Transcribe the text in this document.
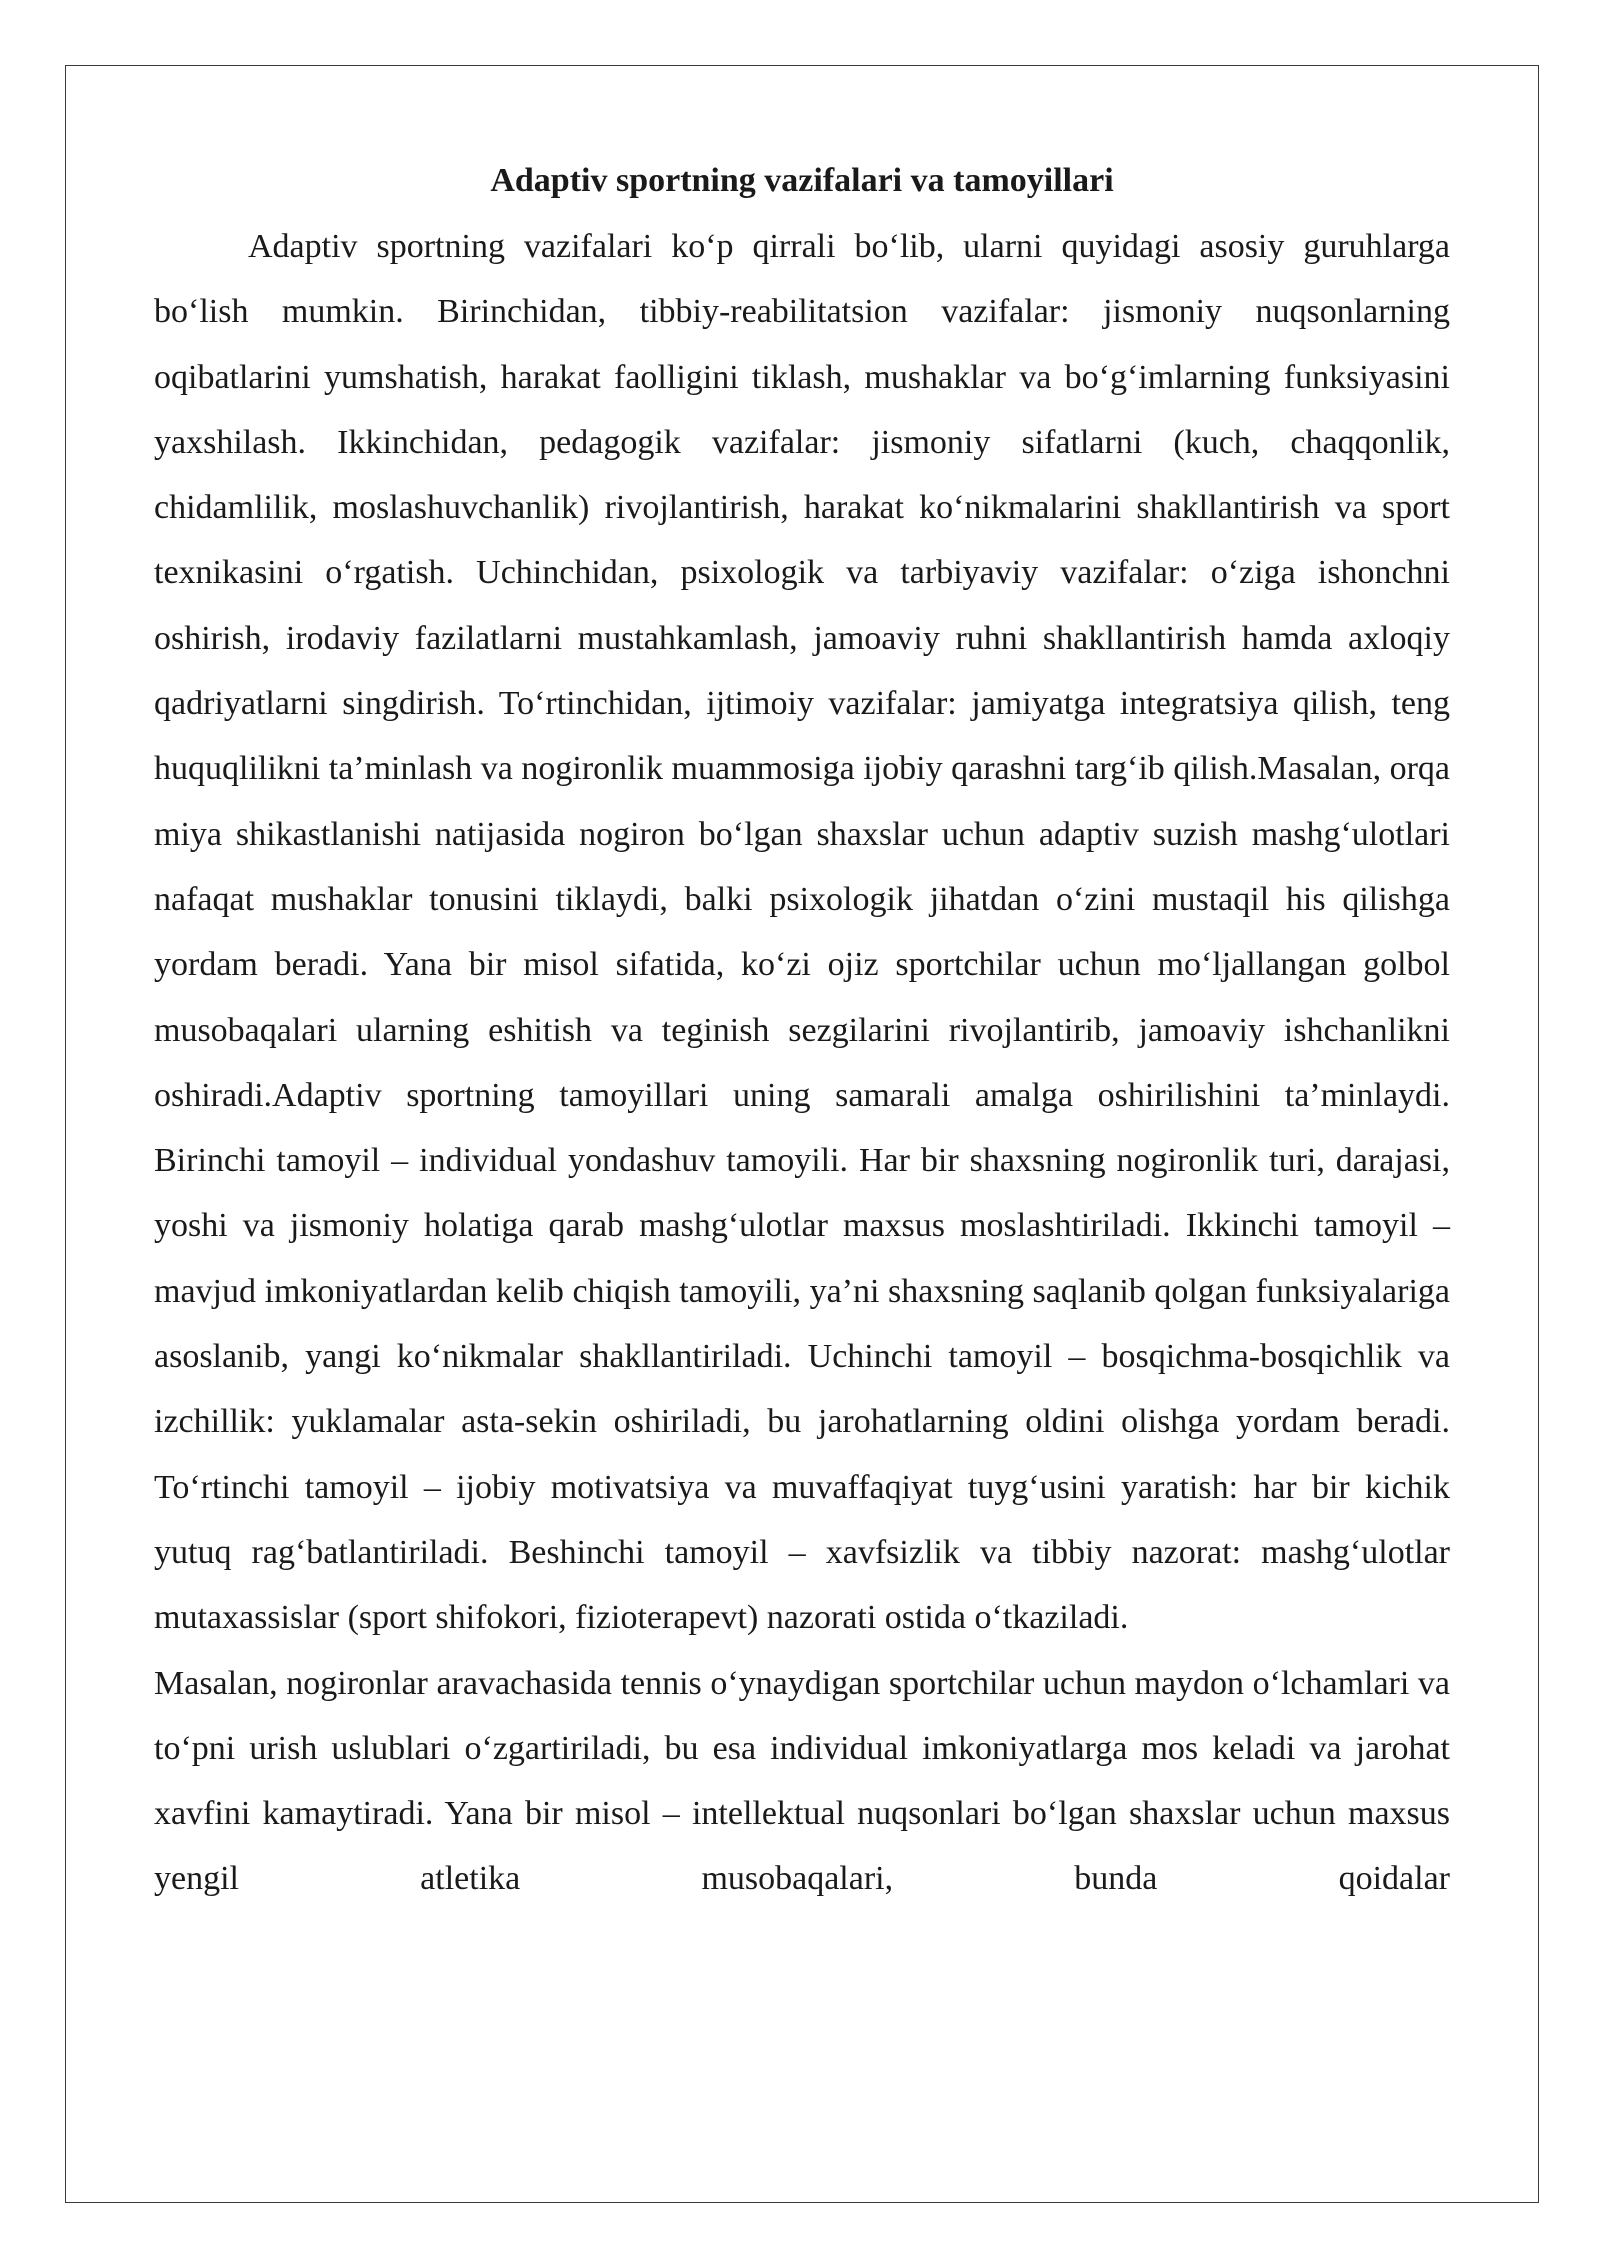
Adaptiv sportning vazifalari va tamoyillari

Adaptiv sportning vazifalari ko‘p qirrali bo‘lib, ularni quyidagi asosiy guruhlarga bo‘lish mumkin. Birinchidan, tibbiy-reabilitatsion vazifalar: jismoniy nuqsonlarning oqibatlarini yumshatish, harakat faolligini tiklash, mushaklar va bo‘g‘imlarning funksiyasini yaxshilash. Ikkinchidan, pedagogik vazifalar: jismoniy sifatlarni (kuch, chaqqonlik, chidamlilik, moslashuvchanlik) rivojlantirish, harakat ko‘nikmalarini shakllantirish va sport texnikasini o‘rgatish. Uchinchidan, psixologik va tarbiyaviy vazifalar: o‘ziga ishonchni oshirish, irodaviy fazilatlarni mustahkamlash, jamoaviy ruhni shakllantirish hamda axloqiy qadriyatlarni singdirish. To‘rtinchidan, ijtimoiy vazifalar: jamiyatga integratsiya qilish, teng huquqlilikni ta’minlash va nogironlik muammosiga ijobiy qarashni targ‘ib qilish.Masalan, orqa miya shikastlanishi natijasida nogiron bo‘lgan shaxslar uchun adaptiv suzish mashg‘ulotlari nafaqat mushaklar tonusini tiklaydi, balki psixologik jihatdan o‘zini mustaqil his qilishga yordam beradi. Yana bir misol sifatida, ko‘zi ojiz sportchilar uchun mo‘ljallangan golbol musobaqalari ularning eshitish va teginish sezgilarini rivojlantirib, jamoaviy ishchanlikni oshiradi.Adaptiv sportning tamoyillari uning samarali amalga oshirilishini ta’minlaydi. Birinchi tamoyil – individual yondashuv tamoyili. Har bir shaxsning nogironlik turi, darajasi, yoshi va jismoniy holatiga qarab mashg‘ulotlar maxsus moslashtiriladi. Ikkinchi tamoyil – mavjud imkoniyatlardan kelib chiqish tamoyili, ya’ni shaxsning saqlanib qolgan funksiyalariga asoslanib, yangi ko‘nikmalar shakllantiriladi. Uchinchi tamoyil – bosqichma-bosqichlik va izchillik: yuklamalar asta-sekin oshiriladi, bu jarohatlarning oldini olishga yordam beradi. To‘rtinchi tamoyil – ijobiy motivatsiya va muvaffaqiyat tuyg‘usini yaratish: har bir kichik yutuq rag‘batlantiriladi. Beshinchi tamoyil – xavfsizlik va tibbiy nazorat: mashg‘ulotlar mutaxassislar (sport shifokori, fizioterapevt) nazorati ostida o‘tkaziladi.

Masalan, nogironlar aravachasida tennis o‘ynaydigan sportchilar uchun maydon o‘lchamlari va to‘pni urish uslublari o‘zgartiriladi, bu esa individual imkoniyatlarga mos keladi va jarohat xavfini kamaytiradi. Yana bir misol – intellektual nuqsonlari bo‘lgan shaxslar uchun maxsus yengil atletika musobaqalari, bunda qoidalar
